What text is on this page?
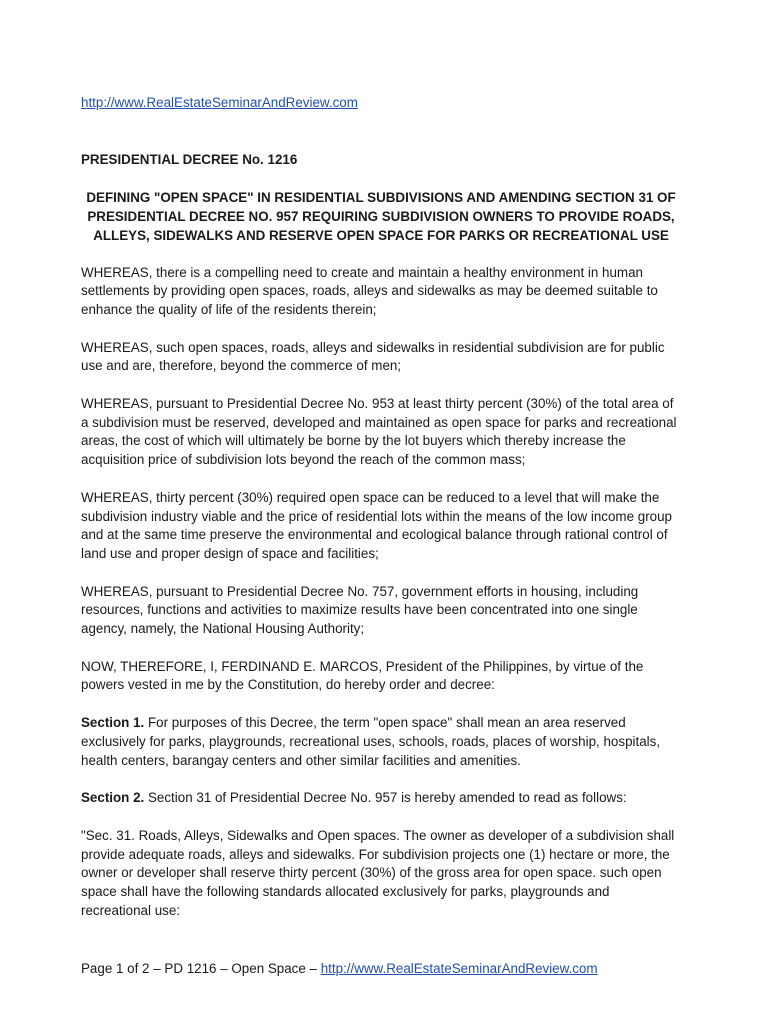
http://www.RealEstateSeminarAndReview.com

PRESIDENTIAL DECREE No. 1216

DEFINING "OPEN SPACE" IN RESIDENTIAL SUBDIVISIONS AND AMENDING SECTION 31 OF PRESIDENTIAL DECREE NO. 957 REQUIRING SUBDIVISION OWNERS TO PROVIDE ROADS, ALLEYS, SIDEWALKS AND RESERVE OPEN SPACE FOR PARKS OR RECREATIONAL USE

WHEREAS, there is a compelling need to create and maintain a healthy environment in human settlements by providing open spaces, roads, alleys and sidewalks as may be deemed suitable to enhance the quality of life of the residents therein;

WHEREAS, such open spaces, roads, alleys and sidewalks in residential subdivision are for public use and are, therefore, beyond the commerce of men;

WHEREAS, pursuant to Presidential Decree No. 953 at least thirty percent (30%) of the total area of a subdivision must be reserved, developed and maintained as open space for parks and recreational areas, the cost of which will ultimately be borne by the lot buyers which thereby increase the acquisition price of subdivision lots beyond the reach of the common mass;

WHEREAS, thirty percent (30%) required open space can be reduced to a level that will make the subdivision industry viable and the price of residential lots within the means of the low income group and at the same time preserve the environmental and ecological balance through rational control of land use and proper design of space and facilities;

WHEREAS, pursuant to Presidential Decree No. 757, government efforts in housing, including resources, functions and activities to maximize results have been concentrated into one single agency, namely, the National Housing Authority;

NOW, THEREFORE, I, FERDINAND E. MARCOS, President of the Philippines, by virtue of the powers vested in me by the Constitution, do hereby order and decree:

Section 1. For purposes of this Decree, the term "open space" shall mean an area reserved exclusively for parks, playgrounds, recreational uses, schools, roads, places of worship, hospitals, health centers, barangay centers and other similar facilities and amenities.

Section 2. Section 31 of Presidential Decree No. 957 is hereby amended to read as follows:

"Sec. 31. Roads, Alleys, Sidewalks and Open spaces. The owner as developer of a subdivision shall provide adequate roads, alleys and sidewalks. For subdivision projects one (1) hectare or more, the owner or developer shall reserve thirty percent (30%) of the gross area for open space. such open space shall have the following standards allocated exclusively for parks, playgrounds and recreational use:

Page 1 of 2 – PD 1216 – Open Space – http://www.RealEstateSeminarAndReview.com
